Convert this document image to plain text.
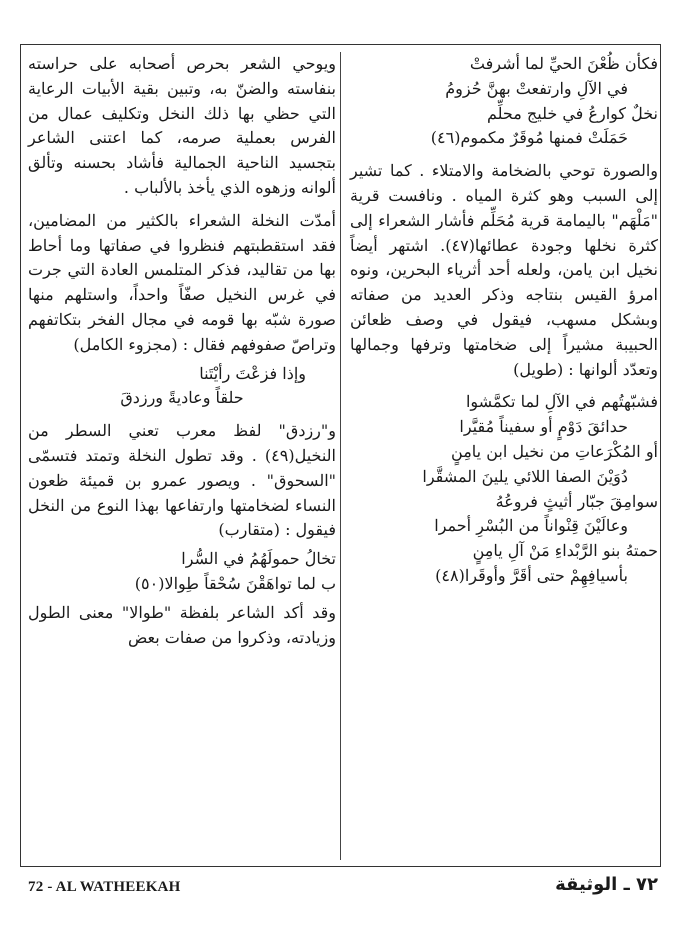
فكأن ظُعْنَ الحيِّ لما أشرفتْ

في الآلِ وارتفعتْ بهنَّ حُزومُ

نخلٌ كوارعُ في خليج محلِّم

حَمَلَتْ فمنها مُوقَرٌ مكموم(٤٦)

والصورة توحي بالضخامة والامتلاء . كما تشير إلى السبب وهو كثرة المياه . ونافست قرية "مَلْهَم" باليمامة قرية مُحَلِّم فأشار الشعراء إلى كثرة نخلها وجودة عطائها(٤٧). اشتهر أيضاً نخيل ابن يامن، ولعله أحد أثرياء البحرين، ونوه امرؤ القيس بنتاجه وذكر العديد من صفاته وبشكل مسهب، فيقول في وصف ظعائن الحبيبة مشيراً إلى ضخامتها وترفها وجمالها وتعدّد ألوانها : (طويل)

فشبّهتُهم في الآلِ لما تكمَّشوا

حدائقَ دَوْمٍ أو سفيناً مُقيَّرا

أو المُكْرَعاتِ من نخيل ابن يامِنٍ

دُوَيْنَ الصفا اللائي يلينَ المشقَّرا

سوامِقَ جبّار أثيثٍ فروعُهُ

وعالَيْنَ قِنْواناً من البُسْرِ أحمرا

حمتهُ بنو الرَّبْداءِ مَنْ آلِ يامِنٍ

بأسيافِهِمْ حتى أقَرَّ وأوقَرا(٤٨)

ويوحي الشعر بحرص أصحابه على حراسته بنفاسته والضنّ به، وتبين بقية الأبيات الرعاية التي حظي بها ذلك النخل وتكليف عمال من الفرس بعملية صرمه، كما اعتنى الشاعر بتجسيد الناحية الجمالية فأشاد بحسنه وتألق ألوانه وزهوه الذي يأخذ بالألباب .

أمدّت النخلة الشعراء بالكثير من المضامين، فقد استقطبتهم فنظروا في صفاتها وما أحاط بها من تقاليد، فذكر المتلمس العادة التي جرت في غرس النخيل صفّاً واحداً، واستلهم منها صورة شبّه بها قومه في مجال الفخر بتكاتفهم وتراصّ صفوفهم فقال : (مجزوء الكامل)

وإذا فزعْتَ رأيْتَنا

حلقاً وعاديةً ورزدقَ

و"رزدق" لفظ معرب تعني السطر من النخيل(٤٩) . وقد تطول النخلة وتمتد فتسمّى "السحوق" . ويصور عمرو بن قميئة ظعون النساء لضخامتها وارتفاعها بهذا النوع من النخل فيقول : (متقارب)

تخالُ حمولَهُمُ في السُّرا

ب لما تواهَقْنَ سُحْقاً طِوالا(٥٠)

وقد أكد الشاعر بلفظة "طوالا" معنى الطول وزيادته، وذكروا من صفات بعض

72 - AL WATHEEKAH	٧٢ ـ الوثيقة
